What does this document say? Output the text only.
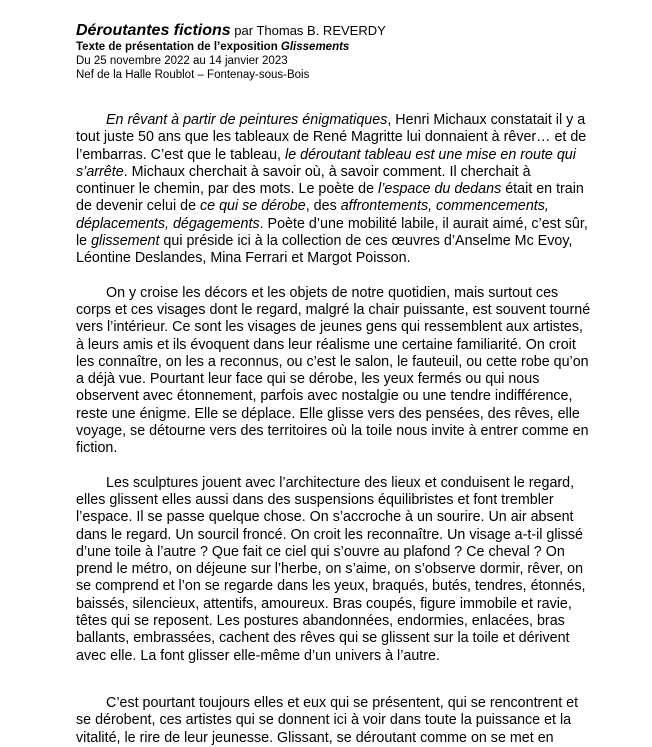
Déroutantes fictions par Thomas B. REVERDY
Texte de présentation de l’exposition Glissements
Du 25 novembre 2022 au 14 janvier 2023
Nef de la Halle Roublot – Fontenay-sous-Bois

En rêvant à partir de peintures énigmatiques, Henri Michaux constatait il y a
tout juste 50 ans que les tableaux de René Magritte lui donnaient à rêver… et de
l’embarras. C’est que le tableau, le déroutant tableau est une mise en route qui
s’arrête. Michaux cherchait à savoir où, à savoir comment. Il cherchait à
continuer le chemin, par des mots. Le poète de l’espace du dedans était en train
de devenir celui de ce qui se dérobe, des affrontements, commencements,
déplacements, dégagements. Poète d’une mobilité labile, il aurait aimé, c’est sûr,
le glissement qui préside ici à la collection de ces œuvres d’Anselme Mc Evoy,
Léontine Deslandes, Mina Ferrari et Margot Poisson.

On y croise les décors et les objets de notre quotidien, mais surtout ces
corps et ces visages dont le regard, malgré la chair puissante, est souvent tourné
vers l’intérieur. Ce sont les visages de jeunes gens qui ressemblent aux artistes,
à leurs amis et ils évoquent dans leur réalisme une certaine familiarité. On croit
les connaître, on les a reconnus, ou c’est le salon, le fauteuil, ou cette robe qu’on
a déjà vue. Pourtant leur face qui se dérobe, les yeux fermés ou qui nous
observent avec étonnement, parfois avec nostalgie ou une tendre indifférence,
reste une énigme. Elle se déplace. Elle glisse vers des pensées, des rêves, elle
voyage, se détourne vers des territoires où la toile nous invite à entrer comme en
fiction.

Les sculptures jouent avec l’architecture des lieux et conduisent le regard,
elles glissent elles aussi dans des suspensions équilibristes et font trembler
l’espace. Il se passe quelque chose. On s’accroche à un sourire. Un air absent
dans le regard. Un sourcil froncé. On croit les reconnaître. Un visage a-t-il glissé
d’une toile à l’autre ? Que fait ce ciel qui s’ouvre au plafond ? Ce cheval ? On
prend le métro, on déjeune sur l’herbe, on s’aime, on s’observe dormir, rêver, on
se comprend et l’on se regarde dans les yeux, braqués, butés, tendres, étonnés,
baissés, silencieux, attentifs, amoureux. Bras coupés, figure immobile et ravie,
têtes qui se reposent. Les postures abandonnées, endormies, enlacées, bras
ballants, embrassées, cachent des rêves qui se glissent sur la toile et dérivent
avec elle. La font glisser elle-même d’un univers à l’autre.

C’est pourtant toujours elles et eux qui se présentent, qui se rencontrent et
se dérobent, ces artistes qui se donnent ici à voir dans toute la puissance et la
vitalité, le rire de leur jeunesse. Glissant, se déroutant comme on se met en
